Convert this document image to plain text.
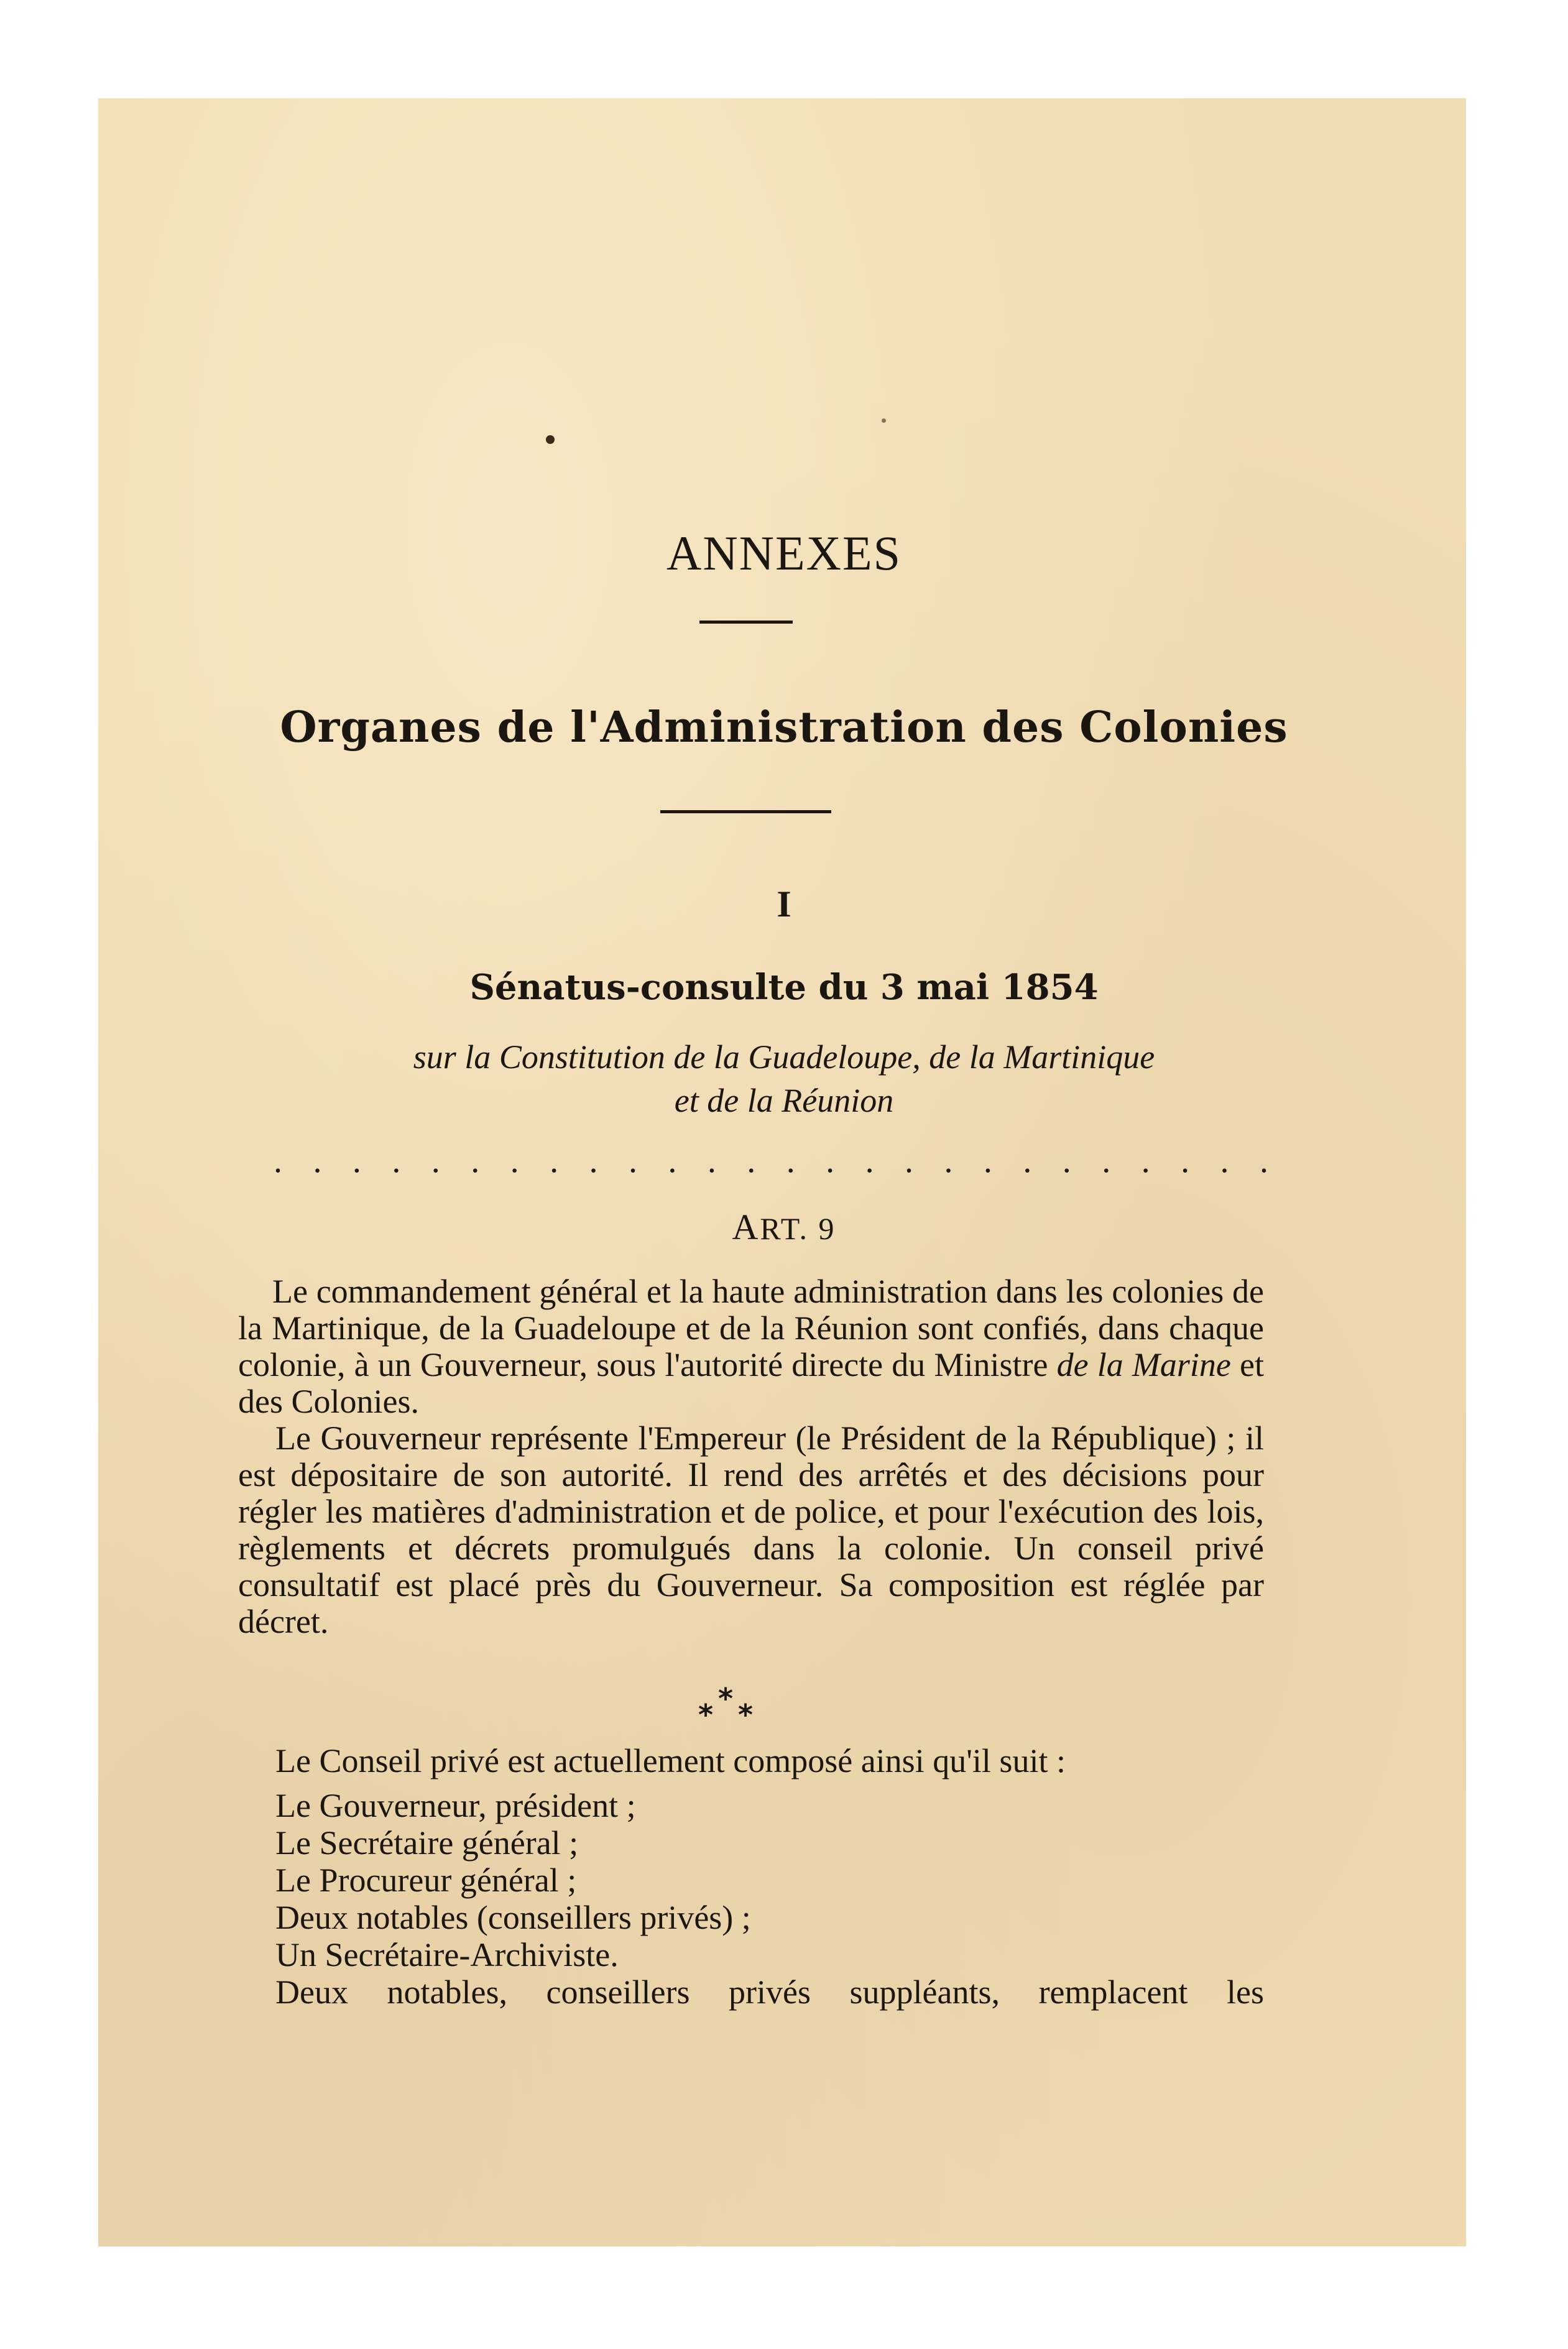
ANNEXES
Organes de l'Administration des Colonies
I
Sénatus-consulte du 3 mai 1854
sur la Constitution de la Guadeloupe, de la Martinique
et de la Réunion
. . . . . . . . . . . . . . . . . . . . . . . . . .
ART. 9

Le commandement général et la haute administration dans les colonies de la Martinique, de la Guadeloupe et de la Réunion sont confiés, dans chaque colonie, à un Gouverneur, sous l'autorité directe du Ministre de la Marine et des Colonies.

Le Gouverneur représente l'Empereur (le Président de la République) ; il est dépositaire de son autorité. Il rend des arrêtés et des décisions pour régler les matières d'administration et de police, et pour l'exécution des lois, règlements et décrets promulgués dans la colonie. Un conseil privé consultatif est placé près du Gouverneur. Sa composition est réglée par décret.

*
* *
Le Conseil privé est actuellement composé ainsi qu'il suit :
Le Gouverneur, président ;
Le Secrétaire général ;
Le Procureur général ;
Deux notables (conseillers privés) ;
Un Secrétaire-Archiviste.
Deux notables, conseillers privés suppléants, remplacent les
